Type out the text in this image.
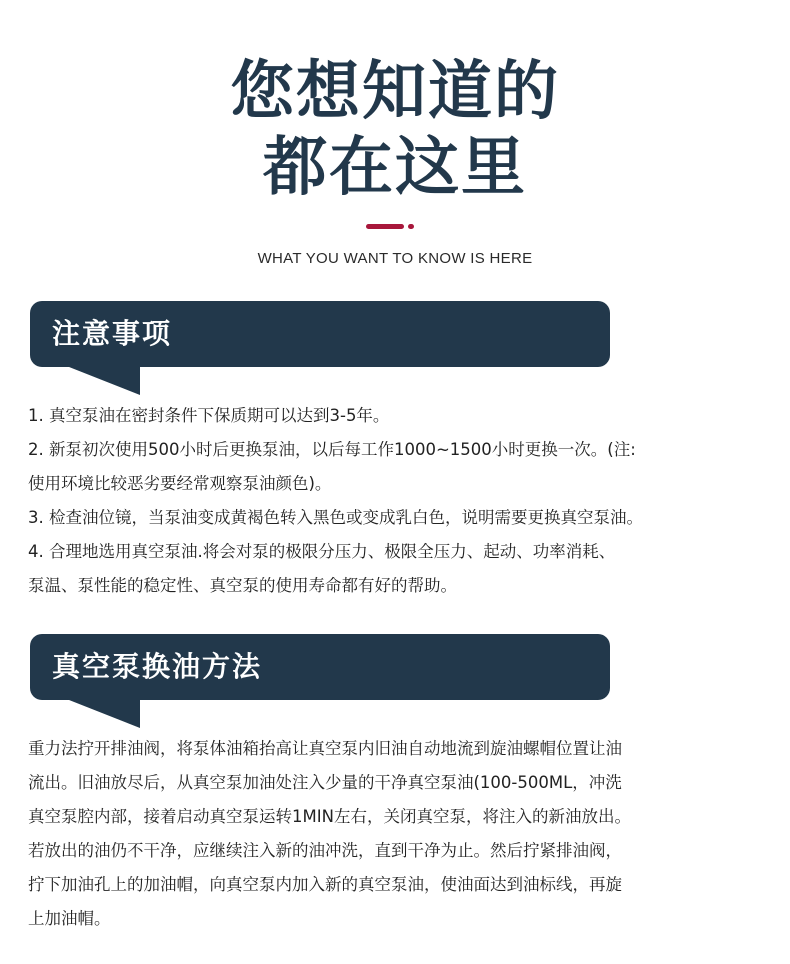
您想知道的
都在这里
WHAT YOU WANT TO KNOW IS HERE
注意事项
1. 真空泵油在密封条件下保质期可以达到3-5年。
2. 新泵初次使用500小时后更换泵油，以后每工作1000~1500小时更换一次。(注:
使用环境比较恶劣要经常观察泵油颜色)。
3. 检查油位镜，当泵油变成黄褐色转入黑色或变成乳白色，说明需要更换真空泵油。
4. 合理地选用真空泵油.将会对泵的极限分压力、极限全压力、起动、功率消耗、
泵温、泵性能的稳定性、真空泵的使用寿命都有好的帮助。
真空泵换油方法
重力法拧开排油阀，将泵体油箱抬高让真空泵内旧油自动地流到旋油螺帽位置让油
流出。旧油放尽后，从真空泵加油处注入少量的干净真空泵油(100-500ML，冲洗
真空泵腔内部，接着启动真空泵运转1MIN左右，关闭真空泵，将注入的新油放出。
若放出的油仍不干净，应继续注入新的油冲洗，直到干净为止。然后拧紧排油阀，
拧下加油孔上的加油帽，向真空泵内加入新的真空泵油，使油面达到油标线，再旋
上加油帽。
